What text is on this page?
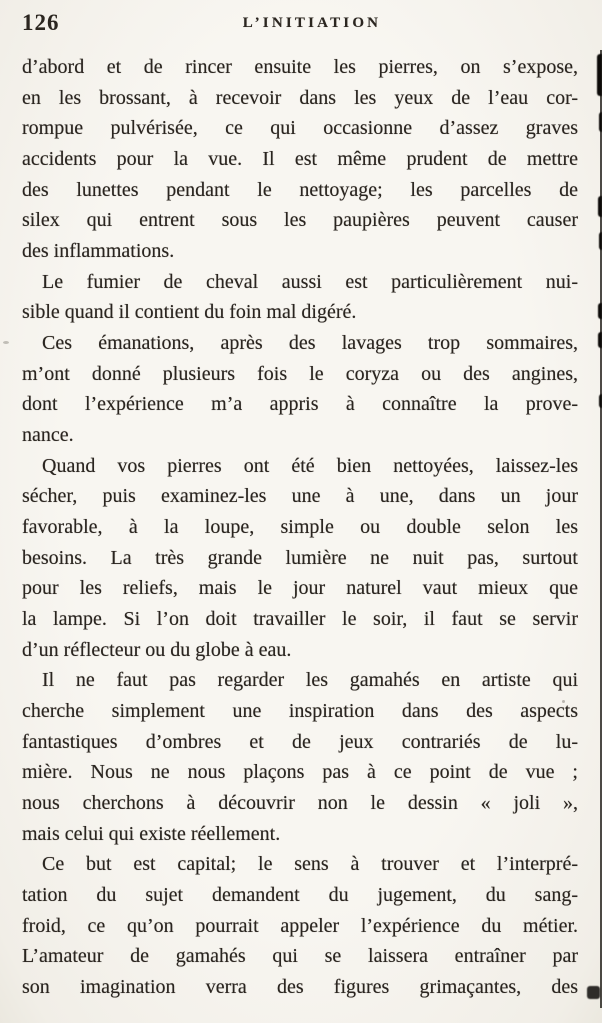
126	L’INITIATION
d’abord et de rincer ensuite les pierres, on s’expose,
en les brossant, à recevoir dans les yeux de l’eau cor-
rompue pulvérisée, ce qui occasionne d’assez graves
accidents pour la vue. Il est même prudent de mettre
des lunettes pendant le nettoyage; les parcelles de
silex qui entrent sous les paupières peuvent causer
des inflammations.
Le fumier de cheval aussi est particulièrement nui-
sible quand il contient du foin mal digéré.
Ces émanations, après des lavages trop sommaires,
m’ont donné plusieurs fois le coryza ou des angines,
dont l’expérience m’a appris à connaître la prove-
nance.
Quand vos pierres ont été bien nettoyées, laissez-les
sécher, puis examinez-les une à une, dans un jour
favorable, à la loupe, simple ou double selon les
besoins. La très grande lumière ne nuit pas, surtout
pour les reliefs, mais le jour naturel vaut mieux que
la lampe. Si l’on doit travailler le soir, il faut se servir
d’un réflecteur ou du globe à eau.
Il ne faut pas regarder les gamahés en artiste qui
cherche simplement une inspiration dans des aspects
fantastiques d’ombres et de jeux contrariés de lu-
mière. Nous ne nous plaçons pas à ce point de vue ;
nous cherchons à découvrir non le dessin « joli »,
mais celui qui existe réellement.
Ce but est capital; le sens à trouver et l’interpré-
tation du sujet demandent du jugement, du sang-
froid, ce qu’on pourrait appeler l’expérience du métier.
L’amateur de gamahés qui se laissera entraîner par
son imagination verra des figures grimaçantes, des
